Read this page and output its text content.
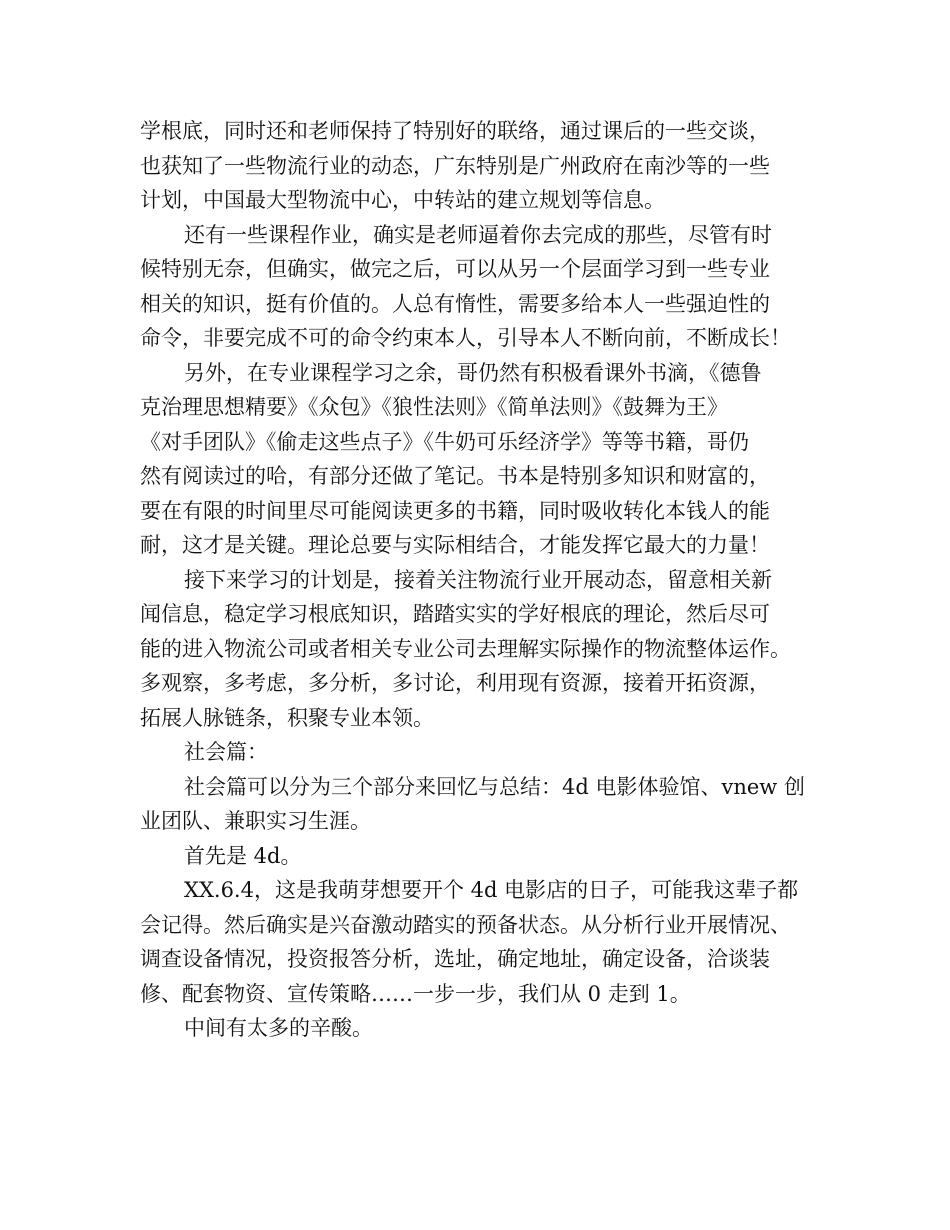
学根底，同时还和老师保持了特别好的联络，通过课后的一些交谈，
也获知了一些物流行业的动态，广东特别是广州政府在南沙等的一些
计划，中国最大型物流中心，中转站的建立规划等信息。
还有一些课程作业，确实是老师逼着你去完成的那些，尽管有时
候特别无奈，但确实，做完之后，可以从另一个层面学习到一些专业
相关的知识，挺有价值的。人总有惰性，需要多给本人一些强迫性的
命令，非要完成不可的命令约束本人，引导本人不断向前，不断成长！
另外，在专业课程学习之余，哥仍然有积极看课外书滴，《德鲁
克治理思想精要》《众包》《狼性法则》《简单法则》《鼓舞为王》
《对手团队》《偷走这些点子》《牛奶可乐经济学》等等书籍，哥仍
然有阅读过的哈，有部分还做了笔记。书本是特别多知识和财富的，
要在有限的时间里尽可能阅读更多的书籍，同时吸收转化本钱人的能
耐，这才是关键。理论总要与实际相结合，才能发挥它最大的力量！
接下来学习的计划是，接着关注物流行业开展动态，留意相关新
闻信息，稳定学习根底知识，踏踏实实的学好根底的理论，然后尽可
能的进入物流公司或者相关专业公司去理解实际操作的物流整体运作。
多观察，多考虑，多分析，多讨论，利用现有资源，接着开拓资源，
拓展人脉链条，积聚专业本领。
社会篇：
社会篇可以分为三个部分来回忆与总结：4d 电影体验馆、vnew 创
业团队、兼职实习生涯。
首先是 4d。
XX.6.4，这是我萌芽想要开个 4d 电影店的日子，可能我这辈子都
会记得。然后确实是兴奋激动踏实的预备状态。从分析行业开展情况、
调查设备情况，投资报答分析，选址，确定地址，确定设备，洽谈装
修、配套物资、宣传策略……一步一步，我们从 0 走到 1。
中间有太多的辛酸。
